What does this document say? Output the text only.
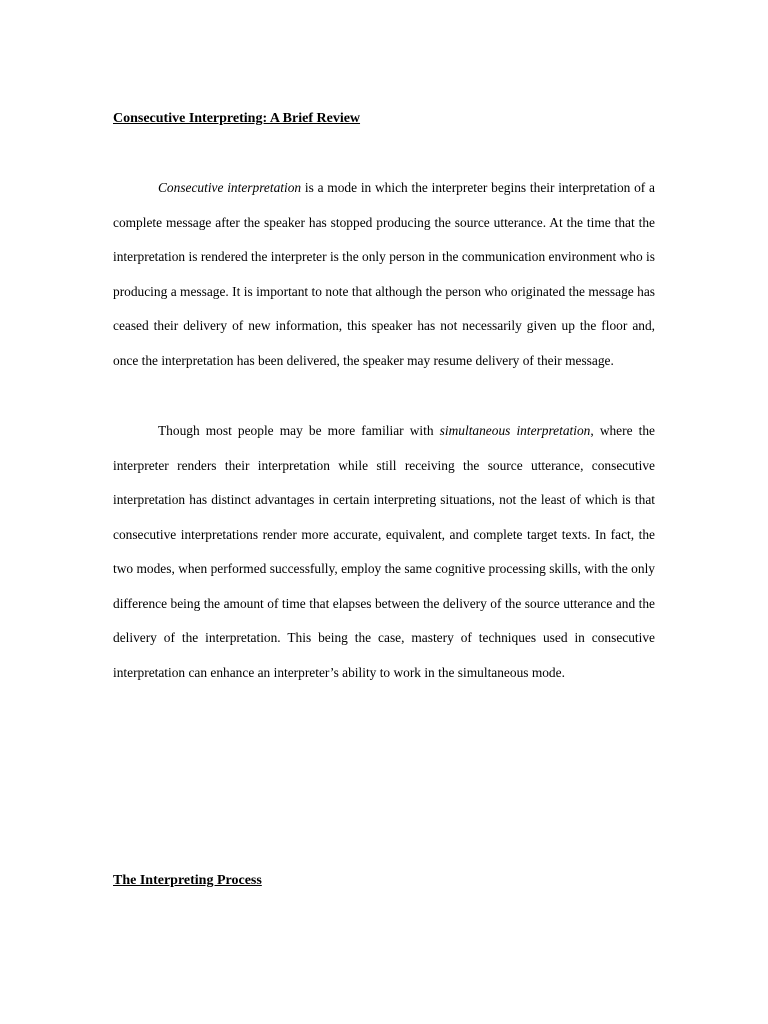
Consecutive Interpreting: A Brief Review

Consecutive interpretation is a mode in which the interpreter begins their interpretation of a complete message after the speaker has stopped producing the source utterance. At the time that the interpretation is rendered the interpreter is the only person in the communication environment who is producing a message. It is important to note that although the person who originated the message has ceased their delivery of new information, this speaker has not necessarily given up the floor and, once the interpretation has been delivered, the speaker may resume delivery of their message.

Though most people may be more familiar with simultaneous interpretation, where the interpreter renders their interpretation while still receiving the source utterance, consecutive interpretation has distinct advantages in certain interpreting situations, not the least of which is that consecutive interpretations render more accurate, equivalent, and complete target texts. In fact, the two modes, when performed successfully, employ the same cognitive processing skills, with the only difference being the amount of time that elapses between the delivery of the source utterance and the delivery of the interpretation. This being the case, mastery of techniques used in consecutive interpretation can enhance an interpreter’s ability to work in the simultaneous mode.

The Interpreting Process
